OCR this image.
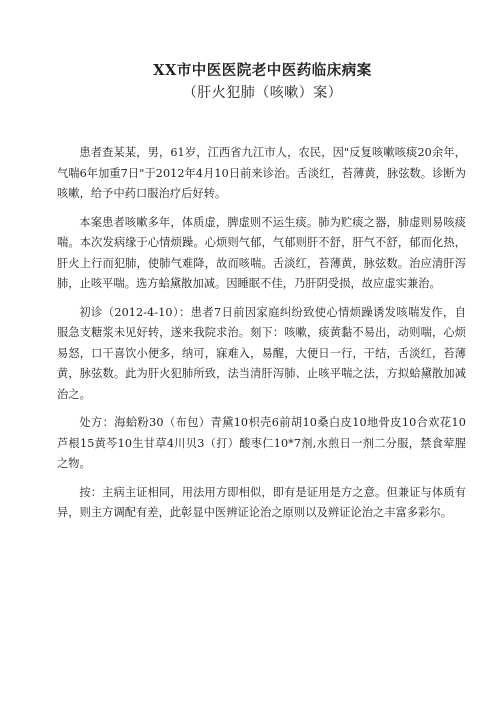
XX市中医医院老中医药临床病案
（肝火犯肺（咳嗽）案）

患者查某某，男，61岁，江西省九江市人，农民，因"反复咳嗽咳痰20余年，气喘6年加重7日"于2012年4月10日前来诊治。舌淡红，苔薄黄，脉弦数。诊断为咳嗽，给予中药口服治疗后好转。

本案患者咳嗽多年，体质虚，脾虚则不运生痰。肺为贮痰之器，肺虚则易咳痰喘。本次发病缘于心情烦躁。心烦则气郁，气郁则肝不舒，肝气不舒，郁而化热，肝火上行而犯肺，使肺气难降，故而咳喘。舌淡红，苔薄黄，脉弦数。治应清肝泻肺，止咳平喘。选方蛤黛散加减。因睡眠不佳，乃肝阴受损，故应虚实兼治。

初诊（2012-4-10）：患者7日前因家庭纠纷致使心情烦躁诱发咳喘发作，自服急支糖浆未见好转，遂来我院求治。刻下：咳嗽，痰黄黏不易出，动则喘，心烦易怒，口干喜饮小便多，纳可，寐难入，易醒，大便日一行，干结，舌淡红，苔薄黄，脉弦数。此为肝火犯肺所致，法当清肝泻肺、止咳平喘之法，方拟蛤黛散加减治之。

处方：海蛤粉30（布包）青黛10枳壳6前胡10桑白皮10地骨皮10合欢花10芦根15黄芩10生甘草4川贝3（打）酸枣仁10*7剂,水煎日一剂二分服，禁食荤腥之物。

按：主病主证相同，用法用方即相似，即有是证用是方之意。但兼证与体质有异，则主方调配有差，此彰显中医辨证论治之原则以及辨证论治之丰富多彩尔。
